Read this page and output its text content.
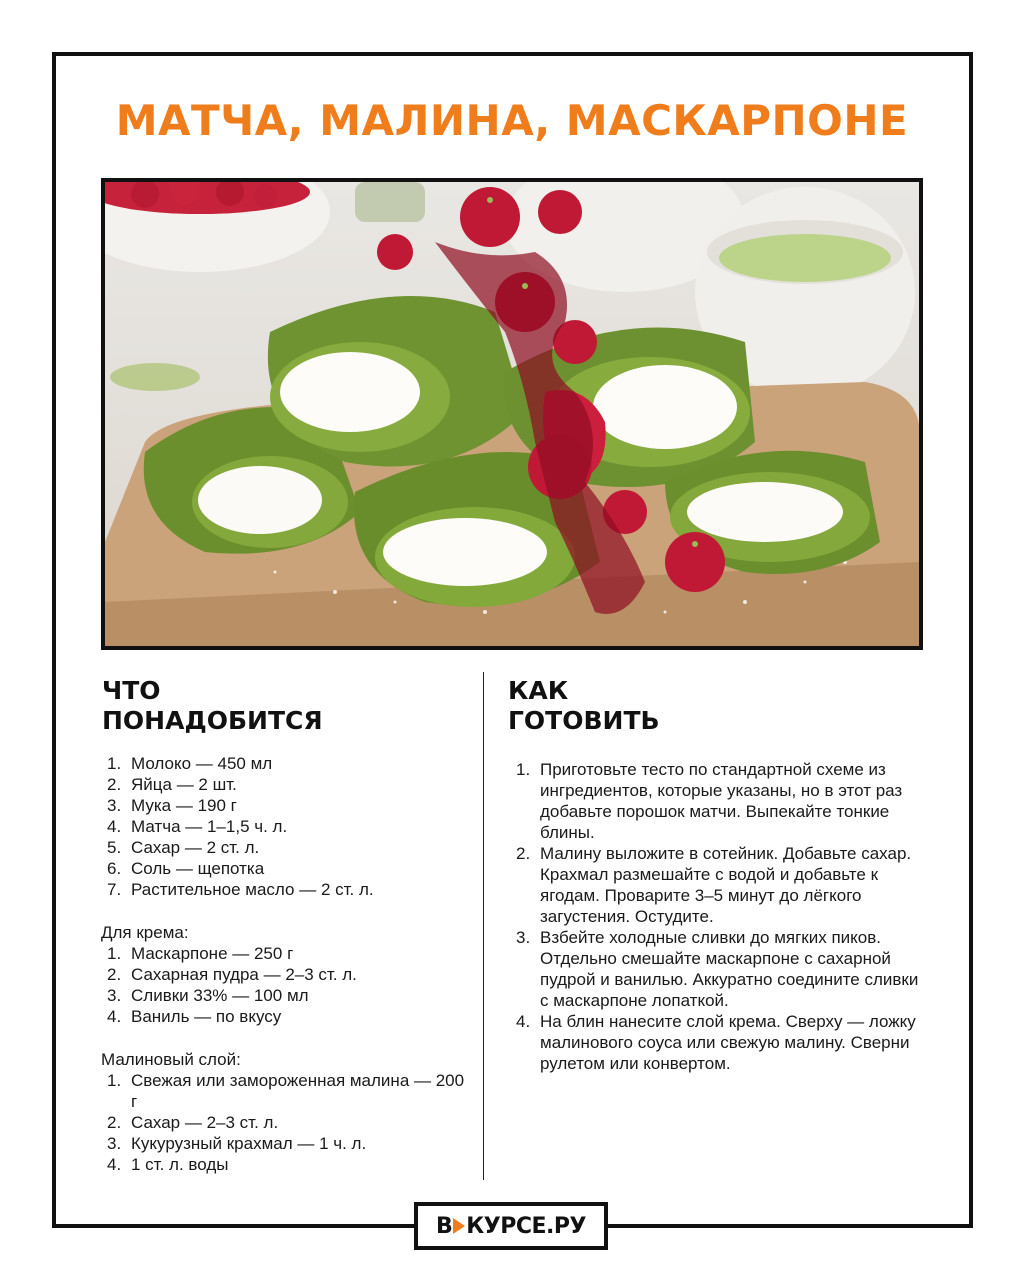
МАТЧА, МАЛИНА, МАСКАРПОНЕ
ЧТО
ПОНАДОБИТСЯ
1. Молоко — 450 мл
2. Яйца — 2 шт.
3. Мука — 190 г
4. Матча — 1–1,5 ч. л.
5. Сахар — 2 ст. л.
6. Соль — щепотка
7. Растительное масло — 2 ст. л.
Для крема:
1. Маскарпоне — 250 г
2. Сахарная пудра — 2–3 ст. л.
3. Сливки 33% — 100 мл
4. Ваниль — по вкусу
Малиновый слой:
1. Свежая или замороженная малина — 200 г
2. Сахар — 2–3 ст. л.
3. Кукурузный крахмал — 1 ч. л.
4. 1 ст. л. воды
КАК
ГОТОВИТЬ
1. Приготовьте тесто по стандартной схеме из ингредиентов, которые указаны, но в этот раз добавьте порошок матчи. Выпекайте тонкие блины.
2. Малину выложите в сотейник. Добавьте сахар. Крахмал размешайте с водой и добавьте к ягодам. Проварите 3–5 минут до лёгкого загустения. Остудите.
3. Взбейте холодные сливки до мягких пиков. Отдельно смешайте маскарпоне с сахарной пудрой и ванилью. Аккуратно соедините сливки с маскарпоне лопаткой.
4. На блин нанесите слой крема. Сверху — ложку малинового соуса или свежую малину. Сверни рулетом или конвертом.
В КУРСЕ.РУ
